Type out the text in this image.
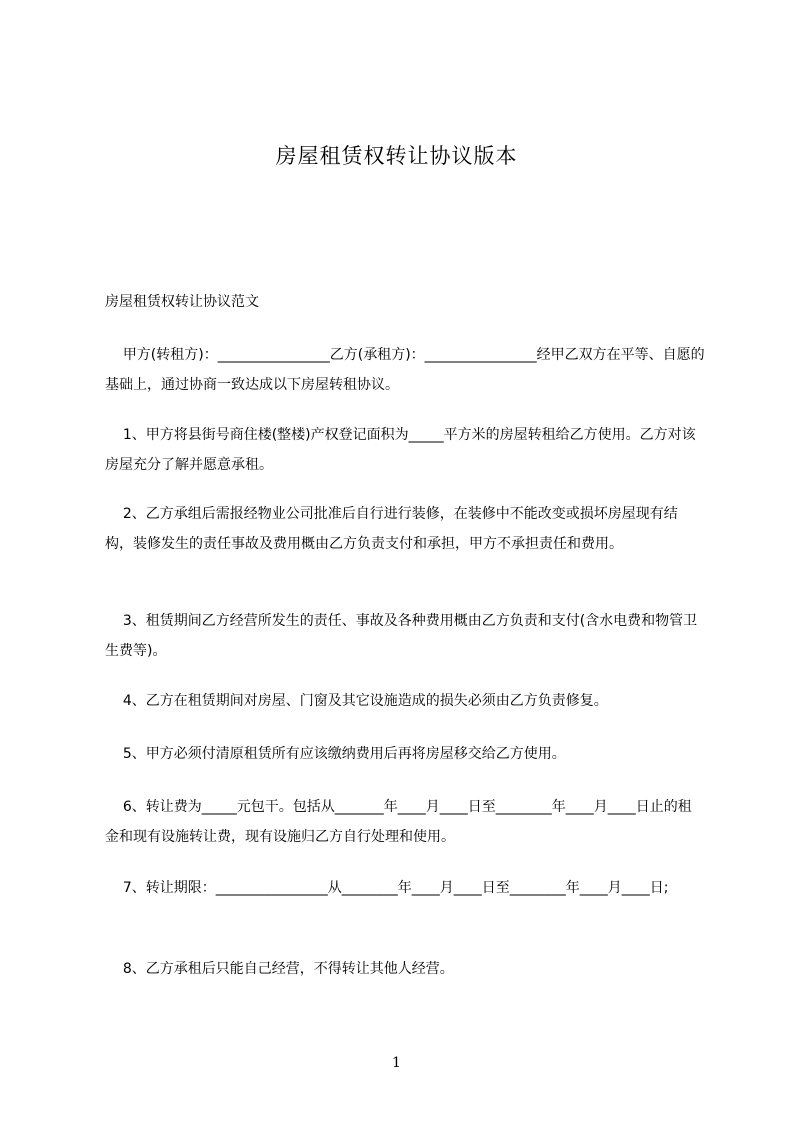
房屋租赁权转让协议版本

房屋租赁权转让协议范文

甲方(转租方)：________________乙方(承租方)：________________经甲乙双方在平等、自愿的基础上，通过协商一致达成以下房屋转租协议。

1、甲方将县街号商住楼(整楼)产权登记面积为_____平方米的房屋转租给乙方使用。乙方对该房屋充分了解并愿意承租。

2、乙方承组后需报经物业公司批准后自行进行装修，在装修中不能改变或损坏房屋现有结构，装修发生的责任事故及费用概由乙方负责支付和承担，甲方不承担责任和费用。

3、租赁期间乙方经营所发生的责任、事故及各种费用概由乙方负责和支付(含水电费和物管卫生费等)。

4、乙方在租赁期间对房屋、门窗及其它设施造成的损失必须由乙方负责修复。

5、甲方必须付清原租赁所有应该缴纳费用后再将房屋移交给乙方使用。

6、转让费为_____元包干。包括从_______年____月____日至________年____月____日止的租金和现有设施转让费，现有设施归乙方自行处理和使用。

7、转让期限：________________从________年____月____日至________年____月____日;

8、乙方承租后只能自己经营，不得转让其他人经营。

1
